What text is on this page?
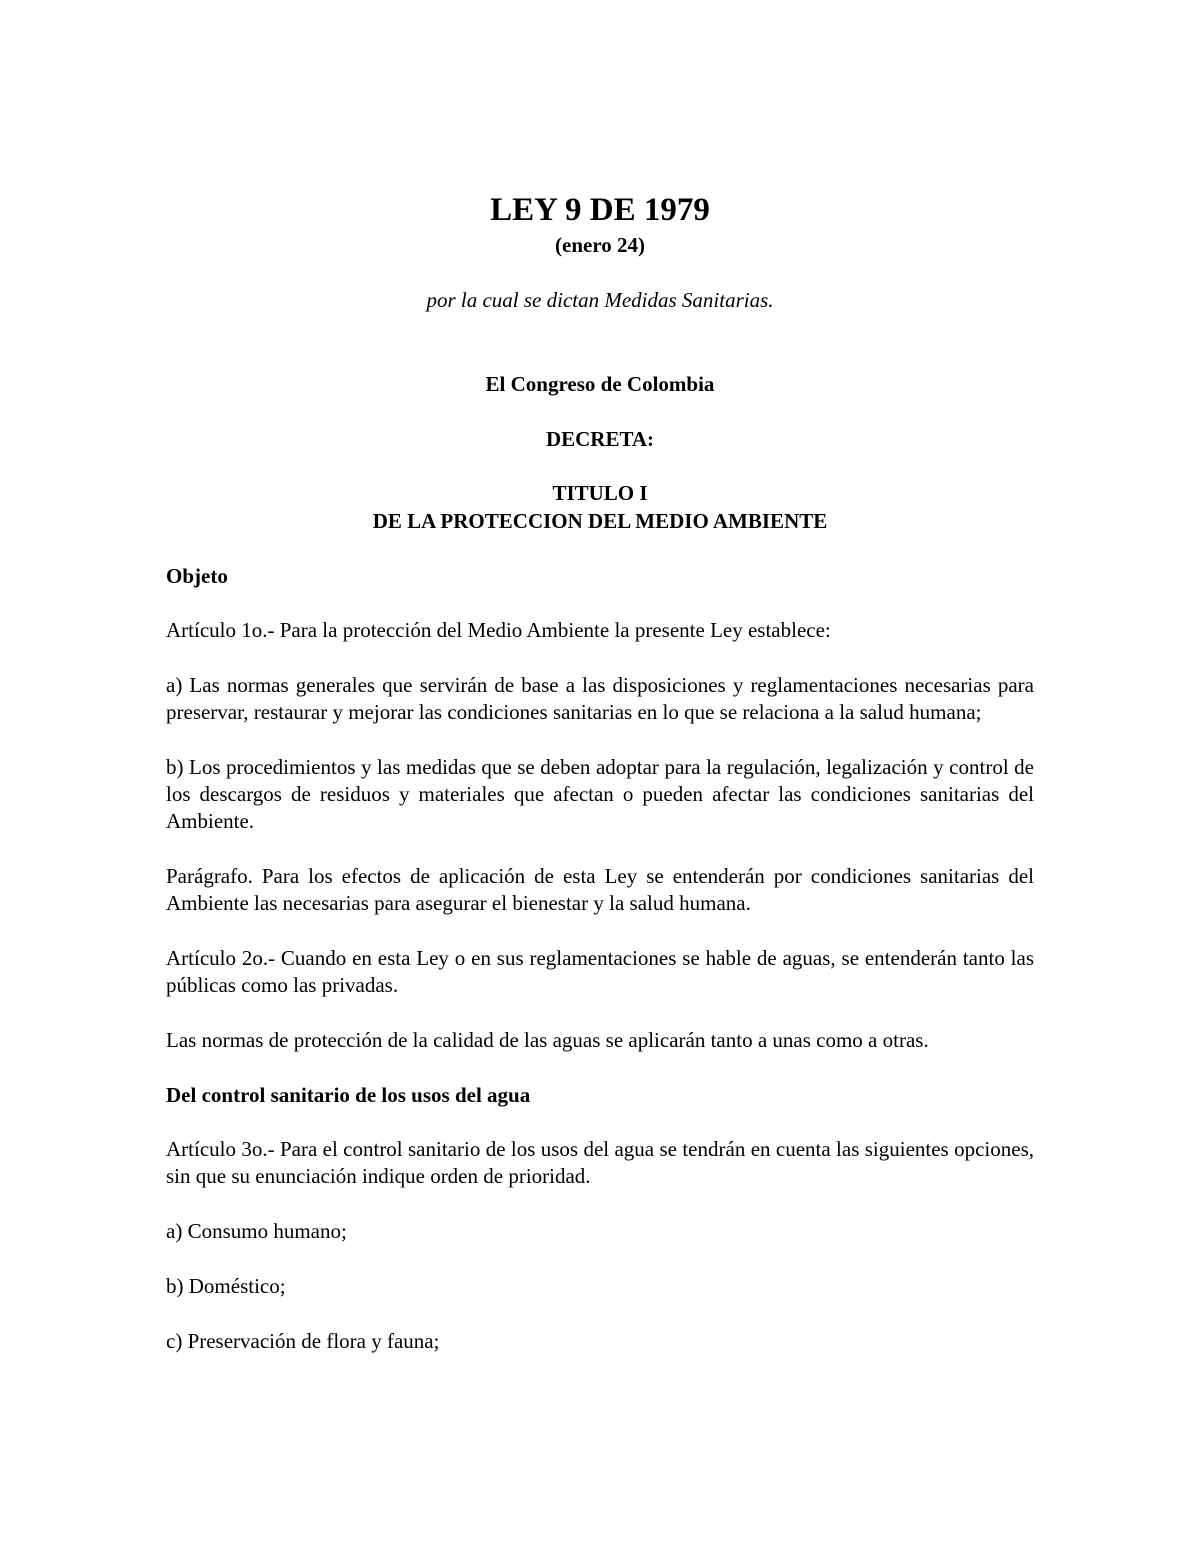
LEY 9 DE 1979

(enero 24)

por la cual se dictan Medidas Sanitarias.

El Congreso de Colombia

DECRETA:

TITULO I
DE LA PROTECCION DEL MEDIO AMBIENTE

Objeto

Artículo 1o.- Para la protección del Medio Ambiente la presente Ley establece:

a) Las normas generales que servirán de base a las disposiciones y reglamentaciones necesarias para preservar, restaurar y mejorar las condiciones sanitarias en lo que se relaciona a la salud humana;

b) Los procedimientos y las medidas que se deben adoptar para la regulación, legalización y control de los descargos de residuos y materiales que afectan o pueden afectar las condiciones sanitarias del Ambiente.

Parágrafo. Para los efectos de aplicación de esta Ley se entenderán por condiciones sanitarias del Ambiente las necesarias para asegurar el bienestar y la salud humana.

Artículo 2o.- Cuando en esta Ley o en sus reglamentaciones se hable de aguas, se entenderán tanto las públicas como las privadas.

Las normas de protección de la calidad de las aguas se aplicarán tanto a unas como a otras.

Del control sanitario de los usos del agua

Artículo 3o.- Para el control sanitario de los usos del agua se tendrán en cuenta las siguientes opciones, sin que su enunciación indique orden de prioridad.

a) Consumo humano;

b) Doméstico;

c) Preservación de flora y fauna;
